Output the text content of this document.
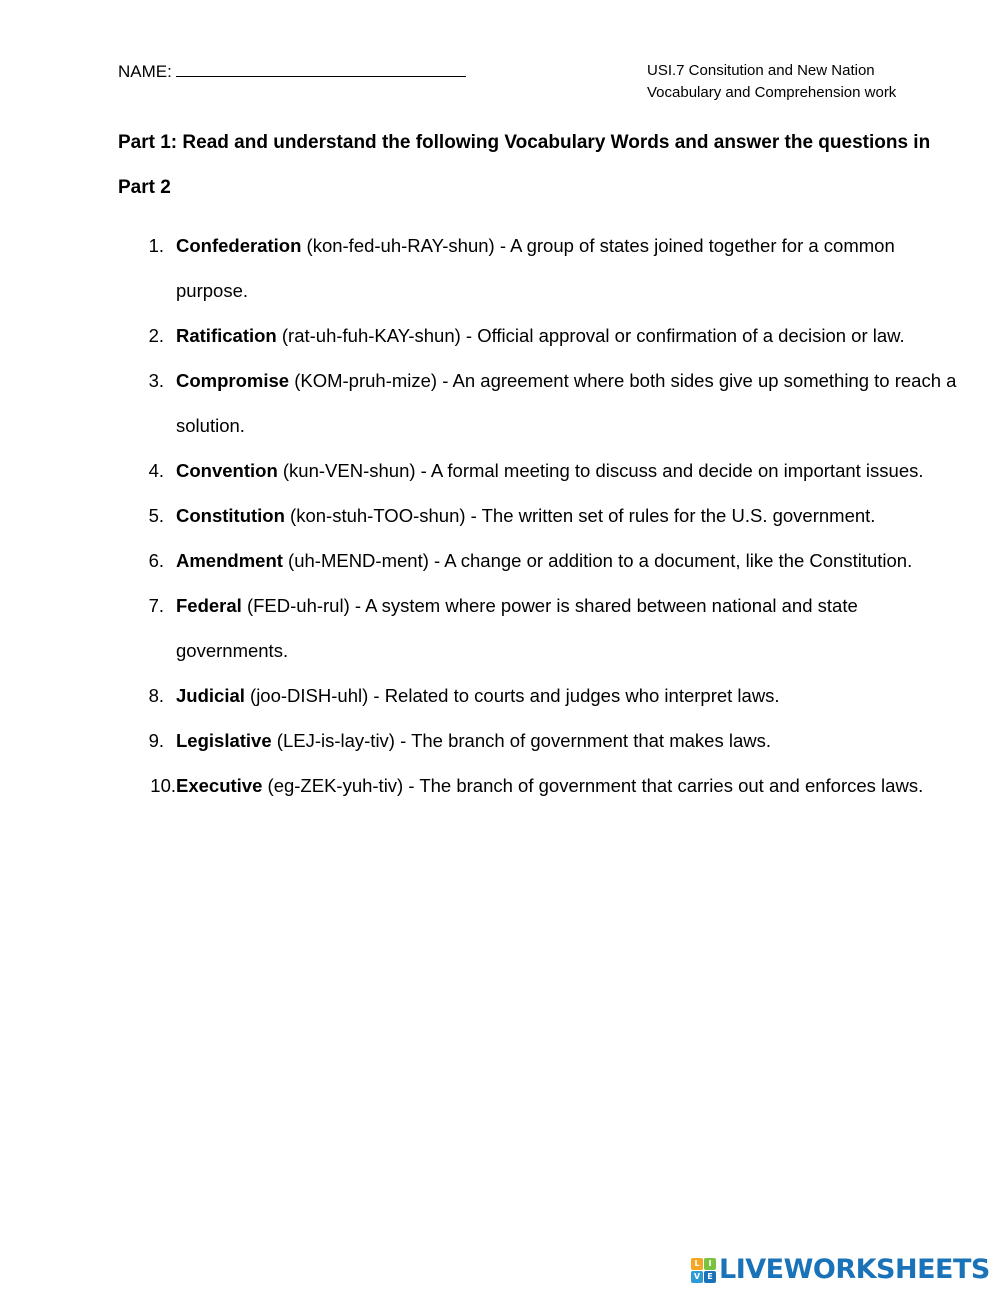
NAME:	USI.7 Consitution and New Nation
Vocabulary and Comprehension work
Part 1: Read and understand the following Vocabulary Words and answer the questions in Part 2
1. Confederation (kon-fed-uh-RAY-shun) - A group of states joined together for a common purpose.
2. Ratification (rat-uh-fuh-KAY-shun) - Official approval or confirmation of a decision or law.
3. Compromise (KOM-pruh-mize) - An agreement where both sides give up something to reach a solution.
4. Convention (kun-VEN-shun) - A formal meeting to discuss and decide on important issues.
5. Constitution (kon-stuh-TOO-shun) - The written set of rules for the U.S. government.
6. Amendment (uh-MEND-ment) - A change or addition to a document, like the Constitution.
7. Federal (FED-uh-rul) - A system where power is shared between national and state governments.
8. Judicial (joo-DISH-uhl) - Related to courts and judges who interpret laws.
9. Legislative (LEJ-is-lay-tiv) - The branch of government that makes laws.
10. Executive (eg-ZEK-yuh-tiv) - The branch of government that carries out and enforces laws.
L	I
V E LIVEWORKSHEETS
